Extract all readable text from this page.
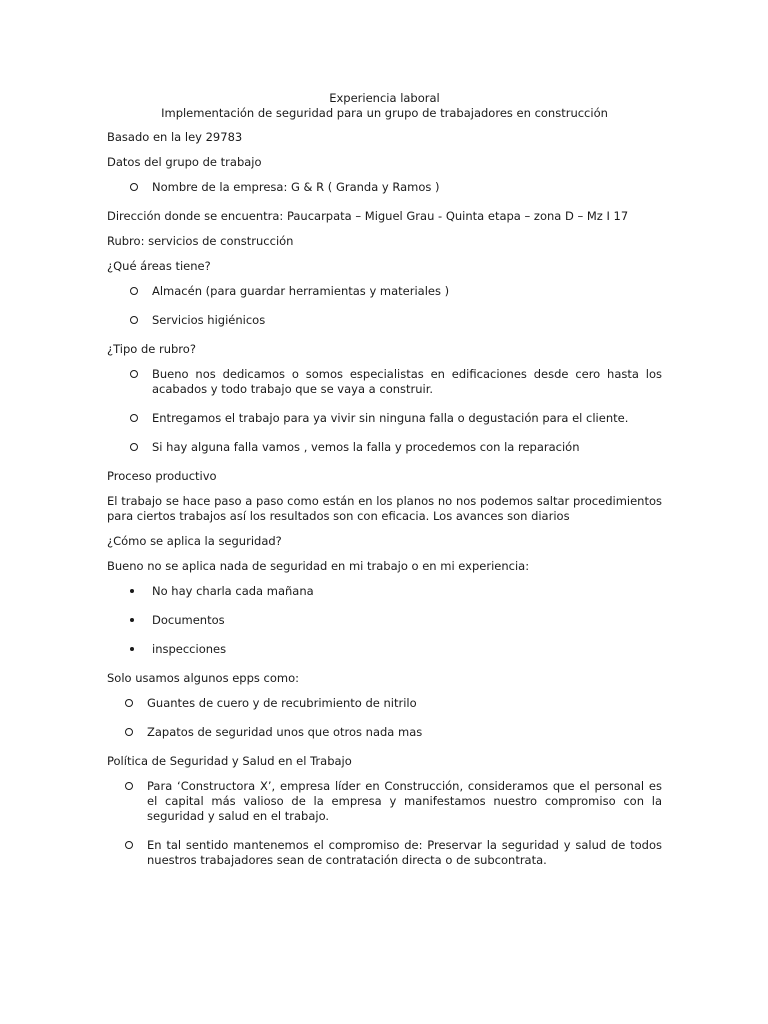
Experiencia laboral
Implementación de seguridad para un grupo de trabajadores en construcción

Basado en la ley 29783

Datos del grupo de trabajo

Nombre de la empresa: G & R ( Granda y Ramos )

Dirección donde se encuentra: Paucarpata – Miguel Grau - Quinta etapa – zona D – Mz I 17

Rubro: servicios de construcción

¿Qué áreas tiene?

Almacén (para guardar herramientas y materiales )
Servicios higiénicos

¿Tipo de rubro?

Bueno nos dedicamos o somos especialistas en edificaciones desde cero hasta los acabados y todo trabajo que se vaya a construir.
Entregamos el trabajo para ya vivir sin ninguna falla o degustación para el cliente.
Si hay alguna falla vamos , vemos la falla y procedemos con la reparación

Proceso productivo

El trabajo se hace paso a paso como están en los planos no nos podemos saltar procedimientos para ciertos trabajos así los resultados son con eficacia. Los avances son diarios

¿Cómo se aplica la seguridad?

Bueno no se aplica nada de seguridad en mi trabajo o en mi experiencia:

No hay charla cada mañana
Documentos
inspecciones

Solo usamos algunos epps como:

Guantes de cuero y de recubrimiento de nitrilo
Zapatos de seguridad unos que otros nada mas

Política de Seguridad y Salud en el Trabajo

Para ‘Constructora X’, empresa líder en Construcción, consideramos que el personal es el capital más valioso de la empresa y manifestamos nuestro compromiso con la seguridad y salud en el trabajo.
En tal sentido mantenemos el compromiso de: Preservar la seguridad y salud de todos nuestros trabajadores sean de contratación directa o de subcontrata.
